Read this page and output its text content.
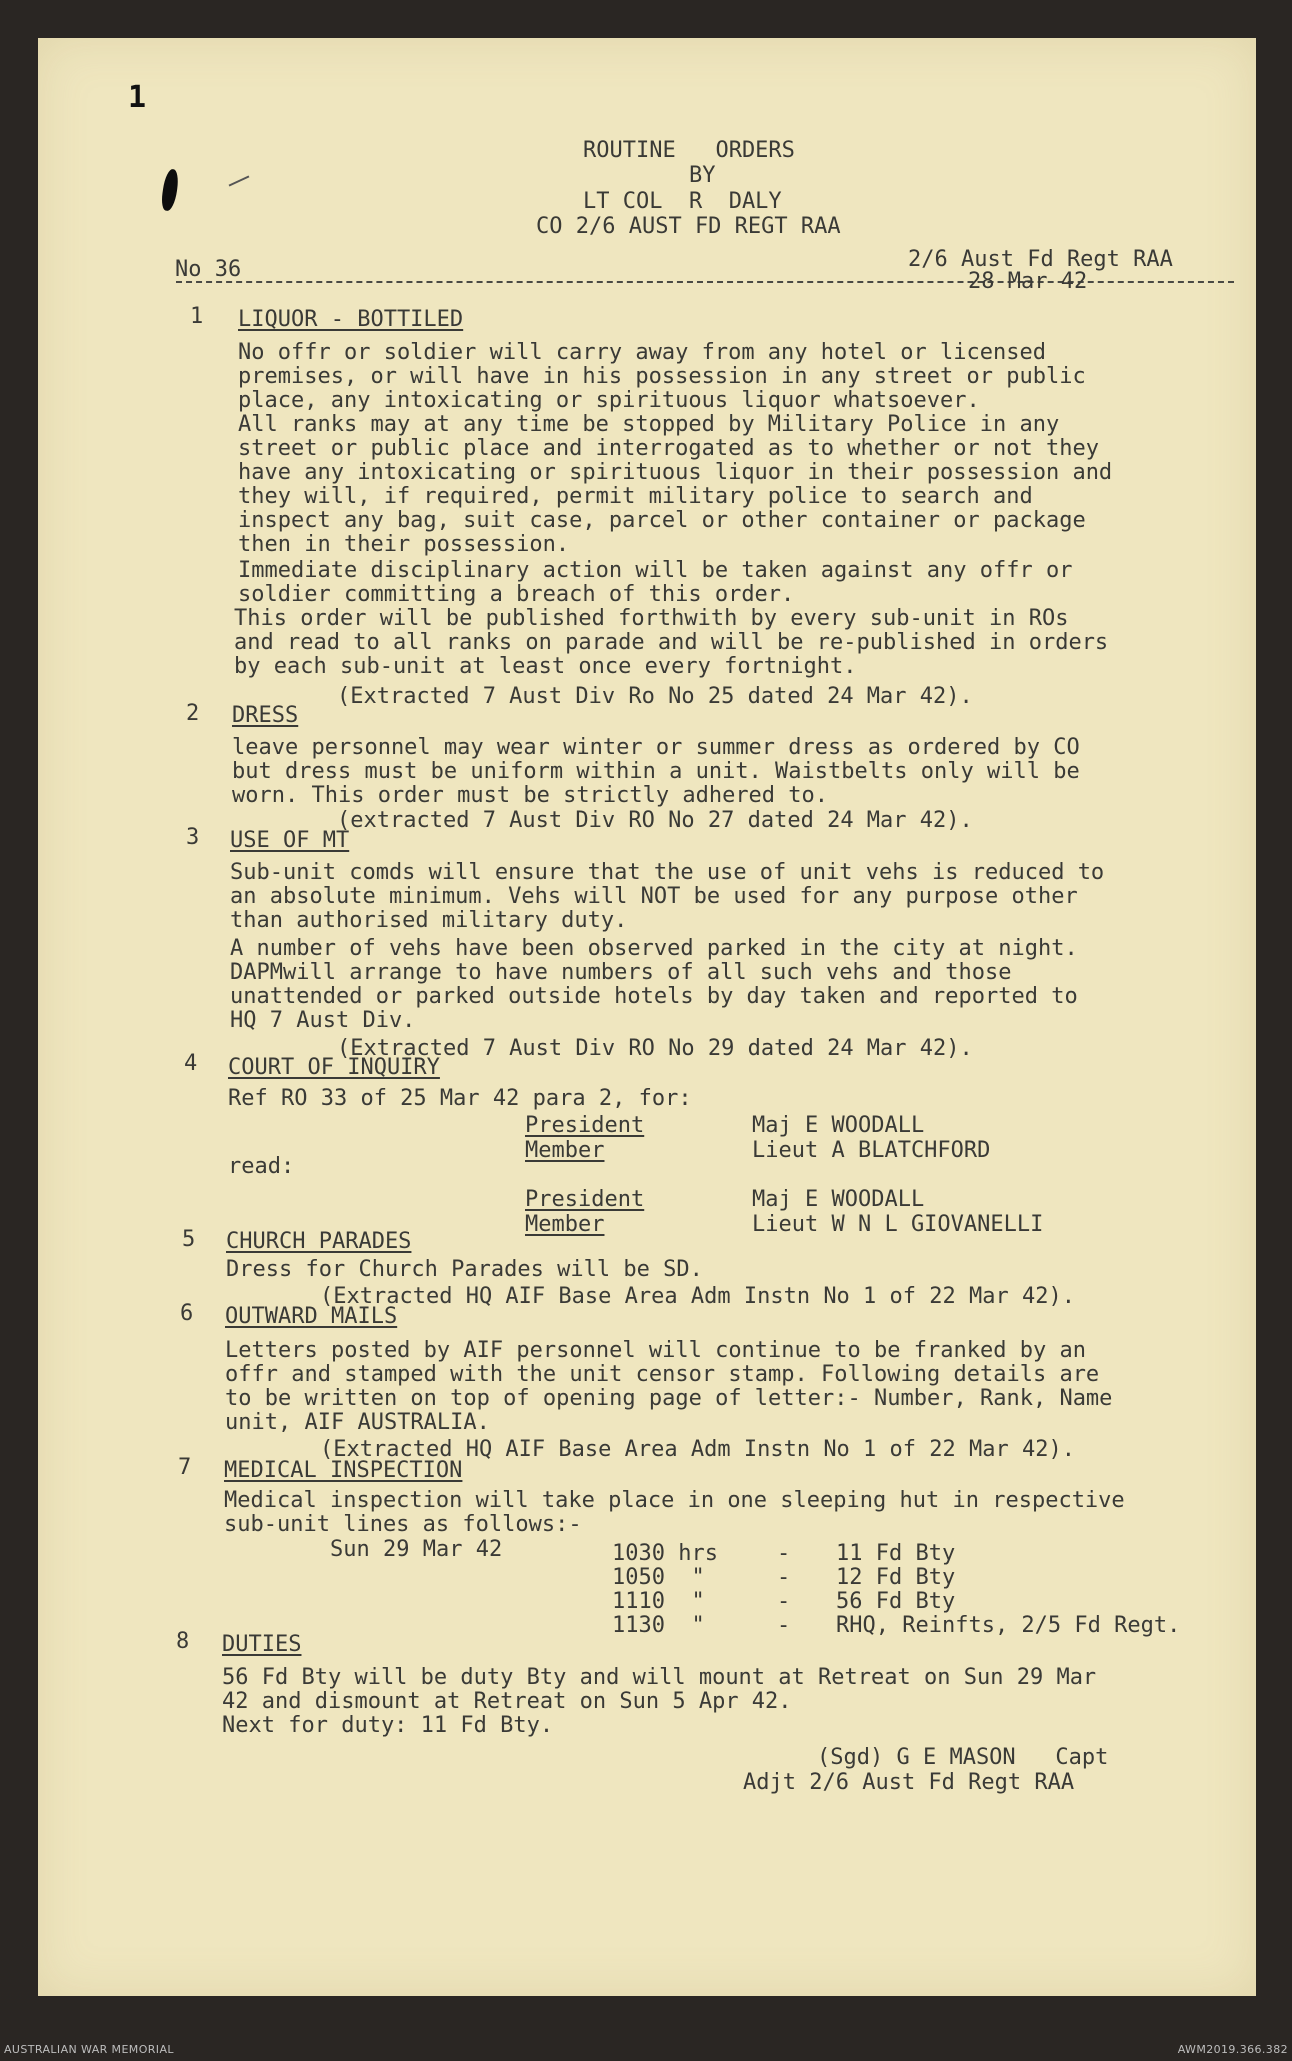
1
ROUTINE   ORDERS
BY
LT COL  R  DALY
CO 2/6 AUST FD REGT RAA
No 36	2/6 Aust Fd Regt RAA
28 Mar 42
1 LIQUOR - BOTTILED
No offr or soldier will carry away from any hotel or licensed
premises, or will have in his possession in any street or public
place, any intoxicating or spirituous liquor whatsoever.
All ranks may at any time be stopped by Military Police in any
street or public place and interrogated as to whether or not they
have any intoxicating or spirituous liquor in their possession and
they will, if required, permit military police to search and
inspect any bag, suit case, parcel or other container or package
then in their possession.
Immediate disciplinary action will be taken against any offr or
soldier committing a breach of this order.
This order will be published forthwith by every sub-unit in ROs
and read to all ranks on parade and will be re-published in orders
by each sub-unit at least once every fortnight.
(Extracted 7 Aust Div Ro No 25 dated 24 Mar 42).
2 DRESS
leave personnel may wear winter or summer dress as ordered by CO
but dress must be uniform within a unit. Waistbelts only will be
worn. This order must be strictly adhered to.
(extracted 7 Aust Div RO No 27 dated 24 Mar 42).
3 USE OF MT
Sub-unit comds will ensure that the use of unit vehs is reduced to
an absolute minimum. Vehs will NOT be used for any purpose other
than authorised military duty.
A number of vehs have been observed parked in the city at night.
DAPMwill arrange to have numbers of all such vehs and those
unattended or parked outside hotels by day taken and reported to
HQ 7 Aust Div.
(Extracted 7 Aust Div RO No 29 dated 24 Mar 42).
4 COURT OF INQUIRY
Ref RO 33 of 25 Mar 42 para 2, for:
President	Maj E WOODALL
Member	Lieut A BLATCHFORD
read:
President	Maj E WOODALL
Member	Lieut W N L GIOVANELLI
5 CHURCH PARADES
Dress for Church Parades will be SD.
(Extracted HQ AIF Base Area Adm Instn No 1 of 22 Mar 42).
6 OUTWARD MAILS
Letters posted by AIF personnel will continue to be franked by an
offr and stamped with the unit censor stamp. Following details are
to be written on top of opening page of letter:- Number, Rank, Name
unit, AIF AUSTRALIA.
(Extracted HQ AIF Base Area Adm Instn No 1 of 22 Mar 42).
7 MEDICAL INSPECTION
Medical inspection will take place in one sleeping hut in respective
sub-unit lines as follows:-
Sun 29 Mar 42	1030 hrs	- 11 Fd Bty
1050  "	- 12 Fd Bty
1110  "	- 56 Fd Bty
1130  "	- RHQ, Reinfts, 2/5 Fd Regt.
8 DUTIES
56 Fd Bty will be duty Bty and will mount at Retreat on Sun 29 Mar
42 and dismount at Retreat on Sun 5 Apr 42.
Next for duty: 11 Fd Bty.
(Sgd) G E MASON   Capt
Adjt 2/6 Aust Fd Regt RAA
AUSTRALIAN WAR MEMORIAL	AWM2019.366.382
